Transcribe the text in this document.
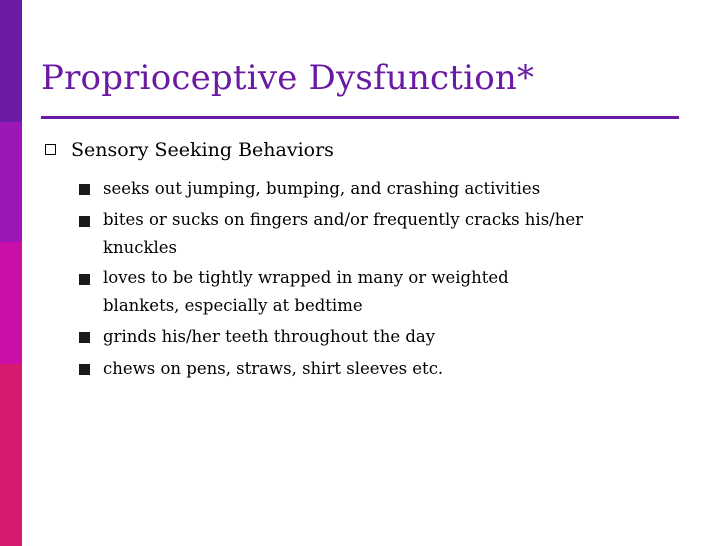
Proprioceptive Dysfunction*
Sensory Seeking Behaviors
seeks out jumping, bumping, and crashing activities
bites or sucks on fingers and/or frequently cracks his/her
knuckles
loves to be tightly wrapped in many or weighted
blankets, especially at bedtime
grinds his/her teeth throughout the day
chews on pens, straws, shirt sleeves etc.
